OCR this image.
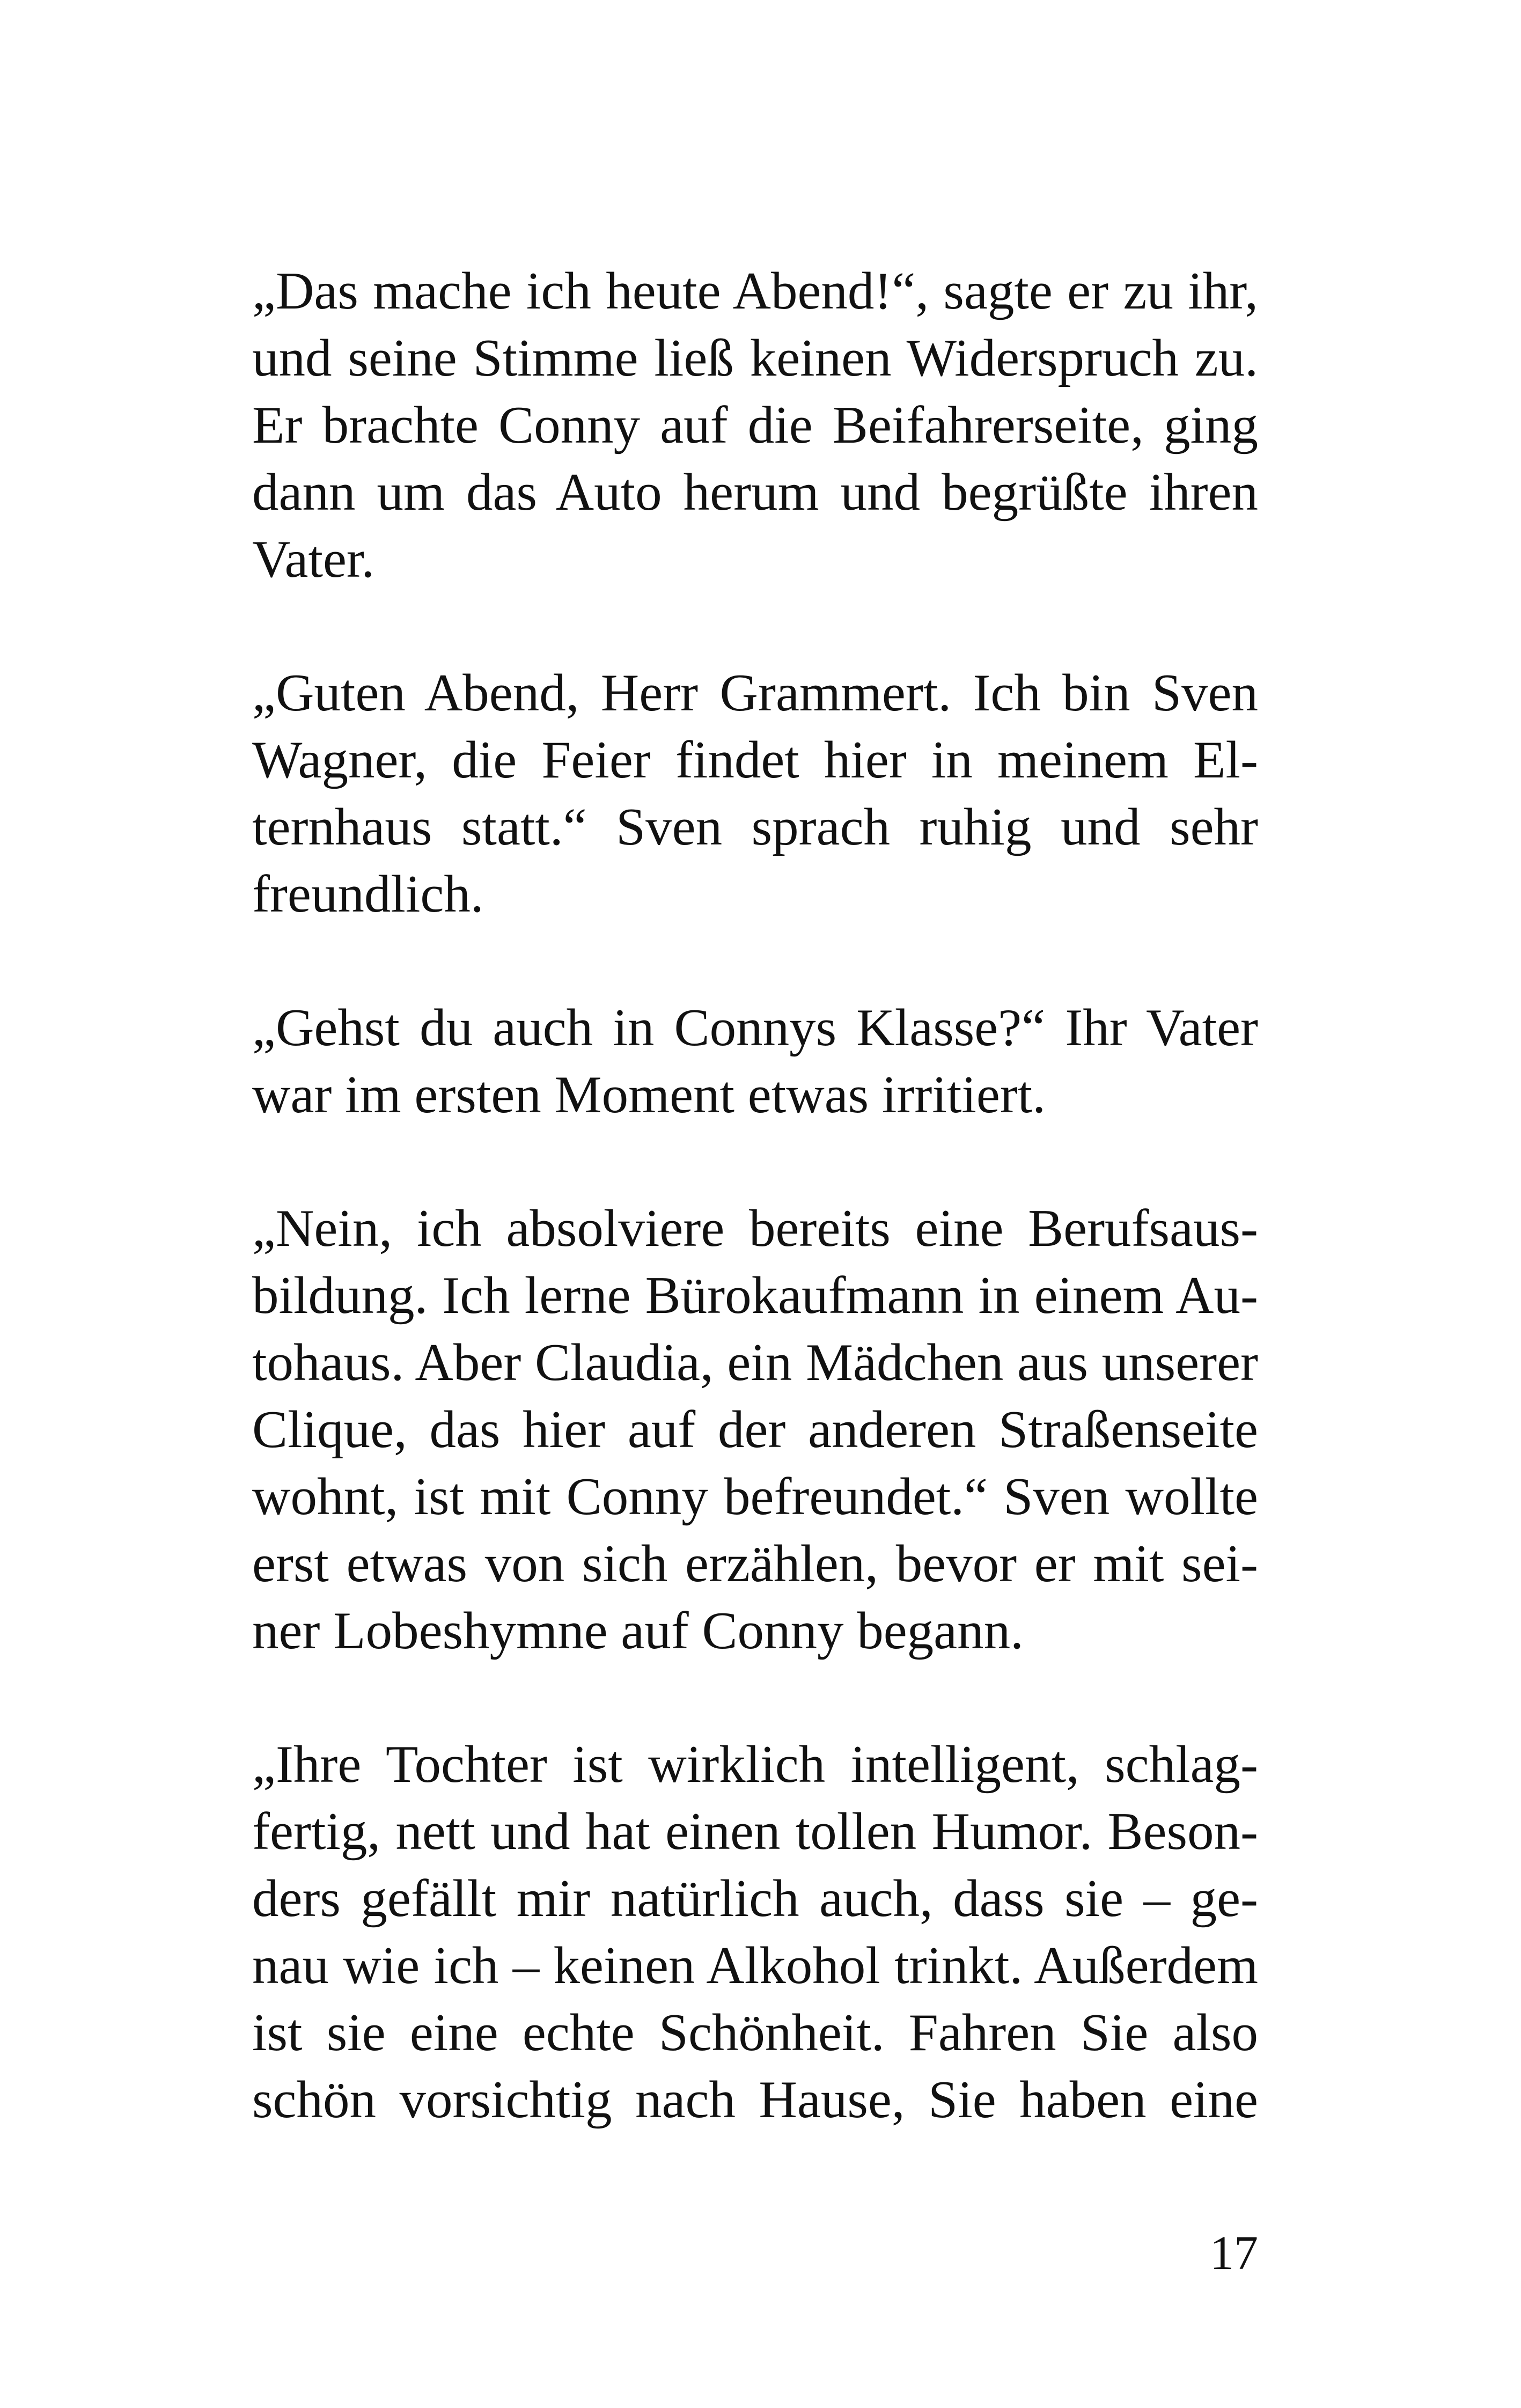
„Das mache ich heute Abend!“, sagte er zu ihr,
und seine Stimme ließ keinen Widerspruch zu.
Er brachte Conny auf die Beifahrerseite, ging
dann um das Auto herum und begrüßte ihren
Vater.

„Guten Abend, Herr Grammert. Ich bin Sven
Wagner, die Feier findet hier in meinem El-
ternhaus statt.“ Sven sprach ruhig und sehr
freundlich.

„Gehst du auch in Connys Klasse?“ Ihr Vater
war im ersten Moment etwas irritiert.

„Nein, ich absolviere bereits eine Berufsaus-
bildung. Ich lerne Bürokaufmann in einem Au-
tohaus. Aber Claudia, ein Mädchen aus unserer
Clique, das hier auf der anderen Straßenseite
wohnt, ist mit Conny befreundet.“ Sven wollte
erst etwas von sich erzählen, bevor er mit sei-
ner Lobeshymne auf Conny begann.

„Ihre Tochter ist wirklich intelligent, schlag-
fertig, nett und hat einen tollen Humor. Beson-
ders gefällt mir natürlich auch, dass sie – ge-
nau wie ich – keinen Alkohol trinkt. Außerdem
ist sie eine echte Schönheit. Fahren Sie also
schön vorsichtig nach Hause, Sie haben eine

17
